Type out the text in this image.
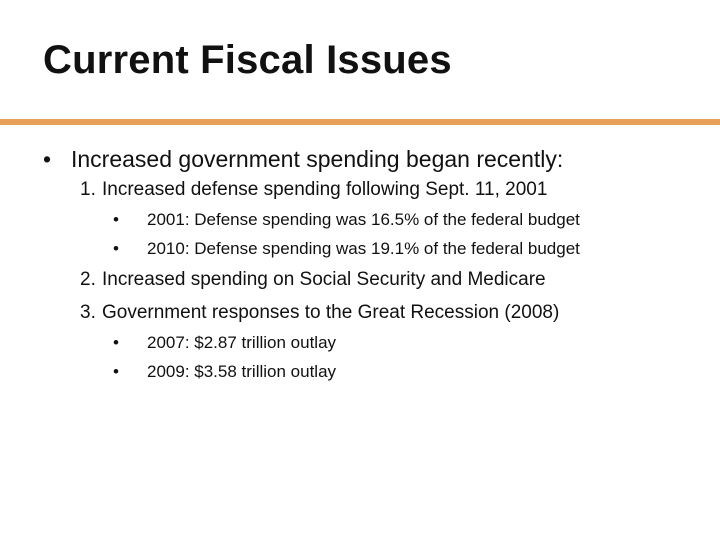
Current Fiscal Issues
• Increased government spending began recently:
1. Increased defense spending following Sept. 11, 2001
• 2001: Defense spending was 16.5% of the federal budget
• 2010: Defense spending was 19.1% of the federal budget
2. Increased spending on Social Security and Medicare
3. Government responses to the Great Recession (2008)
• 2007: $2.87 trillion outlay
• 2009: $3.58 trillion outlay
